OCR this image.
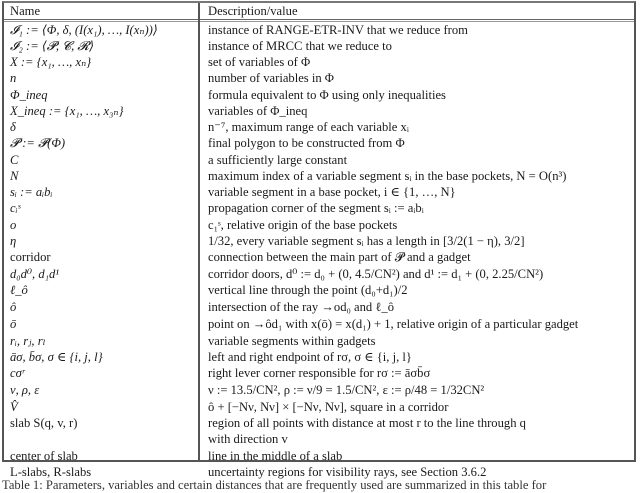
Name	Description/value
𝓘₁ := ⟨Φ, δ, (I(x₁), …, I(xₙ))⟩	instance of RANGE-ETR-INV that we reduce from
𝓘₂ := ⟨𝓟, 𝓒, 𝓡⟩	instance of MRCC that we reduce to
X := {x₁, …, xₙ}	set of variables of Φ
n	number of variables in Φ
Φ_ineq	formula equivalent to Φ using only inequalities
X_ineq := {x₁, …, x₃ₙ}	variables of Φ_ineq
δ	n⁻⁷, maximum range of each variable xᵢ
𝓟 := 𝓟(Φ)	final polygon to be constructed from Φ
C	a sufficiently large constant
N	maximum index of a variable segment sᵢ in the base pockets, N = O(n³)
sᵢ := aᵢbᵢ	variable segment in a base pocket, i ∈ {1, …, N}
cᵢˢ	propagation corner of the segment sᵢ := aᵢbᵢ
o	c₁ˢ, relative origin of the base pockets
η	1/32, every variable segment sᵢ has a length in [3/2(1 − η), 3/2]
corridor	connection between the main part of 𝓟 and a gadget
d₀d⁰, d₁d¹	corridor doors, d⁰ := d₀ + (0, 4.5/CN²) and d¹ := d₁ + (0, 2.25/CN²)
ℓ_ô	vertical line through the point (d₀+d₁)/2
ô	intersection of the ray →od₀ and ℓ_ô
ō	point on →ôd₁ with x(ō) = x(d₁) + 1, relative origin of a particular gadget
rᵢ, rⱼ, rₗ	variable segments within gadgets
āσ, b̄σ, σ ∈ {i, j, l}	left and right endpoint of rσ, σ ∈ {i, j, l}
cσʳ	right lever corner responsible for rσ := āσb̄σ
ν, ρ, ε	ν := 13.5/CN², ρ := ν/9 = 1.5/CN², ε := ρ/48 = 1/32CN²
V̂	ô + [−Nν, Nν] × [−Nν, Nν], square in a corridor
slab S(q, v, r)	region of all points with distance at most r to the line through q
with direction v
center of slab	line in the middle of a slab
L-slabs, R-slabs	uncertainty regions for visibility rays, see Section 3.6.2
Table 1: Parameters, variables and certain distances that are frequently used are summarized in this table for
